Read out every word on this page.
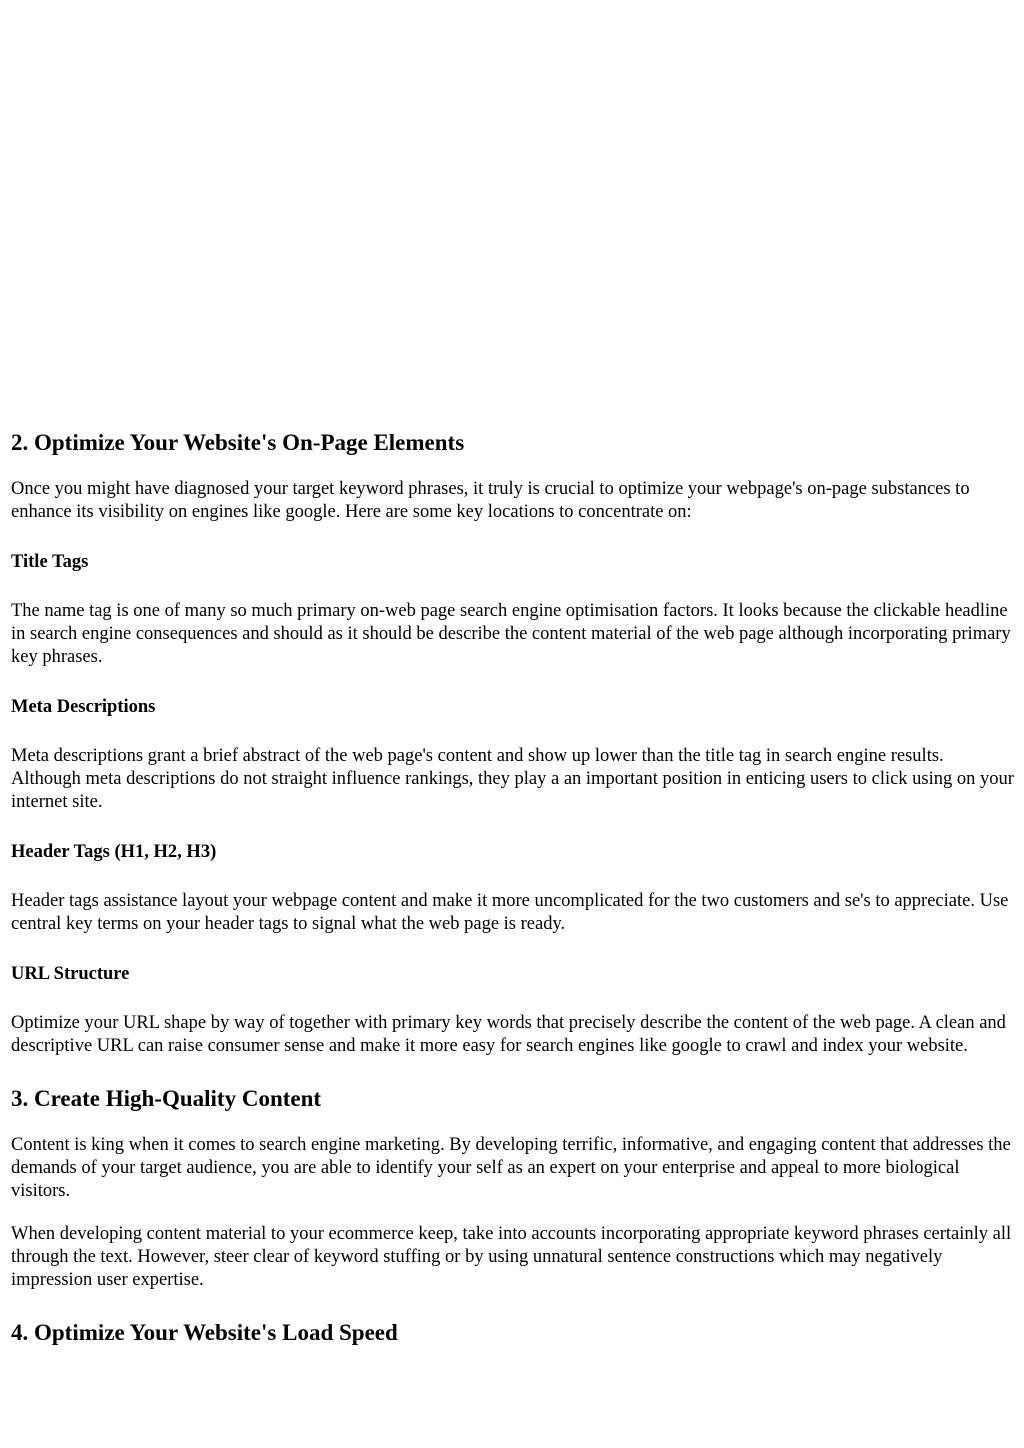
2. Optimize Your Website's On-Page Elements

Once you might have diagnosed your target keyword phrases, it truly is crucial to optimize your webpage's on-page substances to enhance its visibility on engines like google. Here are some key locations to concentrate on:

Title Tags

The name tag is one of many so much primary on-web page search engine optimisation factors. It looks because the clickable headline in search engine consequences and should as it should be describe the content material of the web page although incorporating primary key phrases.

Meta Descriptions

Meta descriptions grant a brief abstract of the web page's content and show up lower than the title tag in search engine results. Although meta descriptions do not straight influence rankings, they play a an important position in enticing users to click using on your internet site.

Header Tags (H1, H2, H3)

Header tags assistance layout your webpage content and make it more uncomplicated for the two customers and se's to appreciate. Use central key terms on your header tags to signal what the web page is ready.

URL Structure

Optimize your URL shape by way of together with primary key words that precisely describe the content of the web page. A clean and descriptive URL can raise consumer sense and make it more easy for search engines like google to crawl and index your website.

3. Create High-Quality Content

Content is king when it comes to search engine marketing. By developing terrific, informative, and engaging content that addresses the demands of your target audience, you are able to identify your self as an expert on your enterprise and appeal to more biological visitors.

When developing content material to your ecommerce keep, take into accounts incorporating appropriate keyword phrases certainly all through the text. However, steer clear of keyword stuffing or by using unnatural sentence constructions which may negatively impression user expertise.

4. Optimize Your Website's Load Speed
